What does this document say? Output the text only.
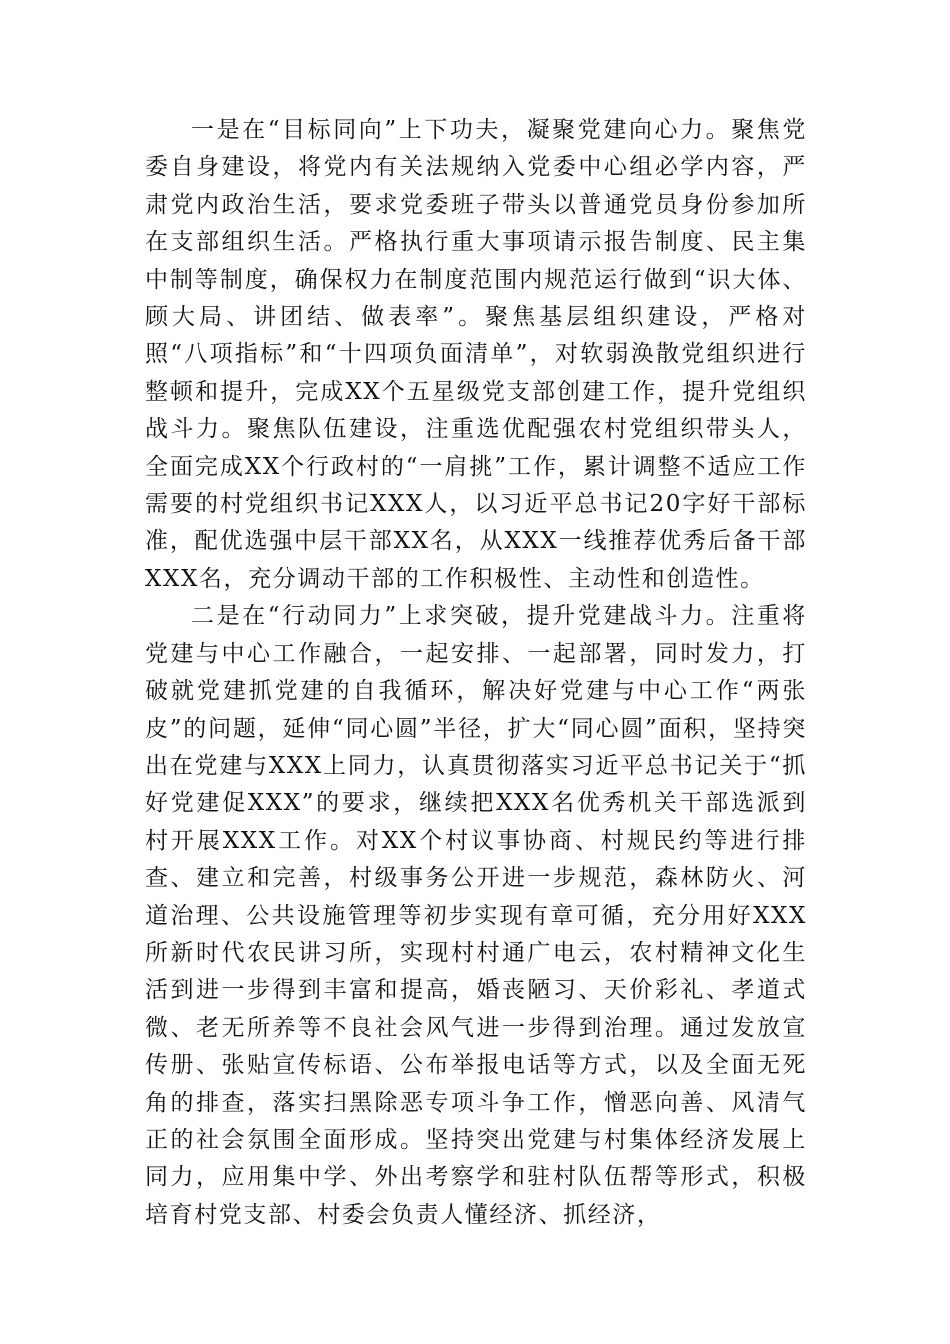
一是在“目标同向”上下功夫，凝聚党建向心力。聚焦党委自身建设，将党内有关法规纳入党委中心组必学内容，严肃党内政治生活，要求党委班子带头以普通党员身份参加所在支部组织生活。严格执行重大事项请示报告制度、民主集中制等制度，确保权力在制度范围内规范运行做到“识大体、顾大局、讲团结、做表率”。聚焦基层组织建设，严格对照“八项指标”和“十四项负面清单”，对软弱涣散党组织进行整顿和提升，完成XX个五星级党支部创建工作，提升党组织战斗力。聚焦队伍建设，注重选优配强农村党组织带头人，全面完成XX个行政村的“一肩挑”工作，累计调整不适应工作需要的村党组织书记XXX人，以习近平总书记20字好干部标准，配优选强中层干部XX名，从XXX一线推荐优秀后备干部XXX名，充分调动干部的工作积极性、主动性和创造性。

二是在“行动同力”上求突破，提升党建战斗力。注重将党建与中心工作融合，一起安排、一起部署，同时发力，打破就党建抓党建的自我循环，解决好党建与中心工作“两张皮”的问题，延伸“同心圆”半径，扩大“同心圆”面积，坚持突出在党建与XXX上同力，认真贯彻落实习近平总书记关于“抓好党建促XXX”的要求，继续把XXX名优秀机关干部选派到村开展XXX工作。对XX个村议事协商、村规民约等进行排查、建立和完善，村级事务公开进一步规范，森林防火、河道治理、公共设施管理等初步实现有章可循，充分用好XXX所新时代农民讲习所，实现村村通广电云，农村精神文化生活到进一步得到丰富和提高，婚丧陋习、天价彩礼、孝道式微、老无所养等不良社会风气进一步得到治理。通过发放宣传册、张贴宣传标语、公布举报电话等方式，以及全面无死角的排查，落实扫黑除恶专项斗争工作，憎恶向善、风清气正的社会氛围全面形成。坚持突出党建与村集体经济发展上同力，应用集中学、外出考察学和驻村队伍帮等形式，积极培育村党支部、村委会负责人懂经济、抓经济，
